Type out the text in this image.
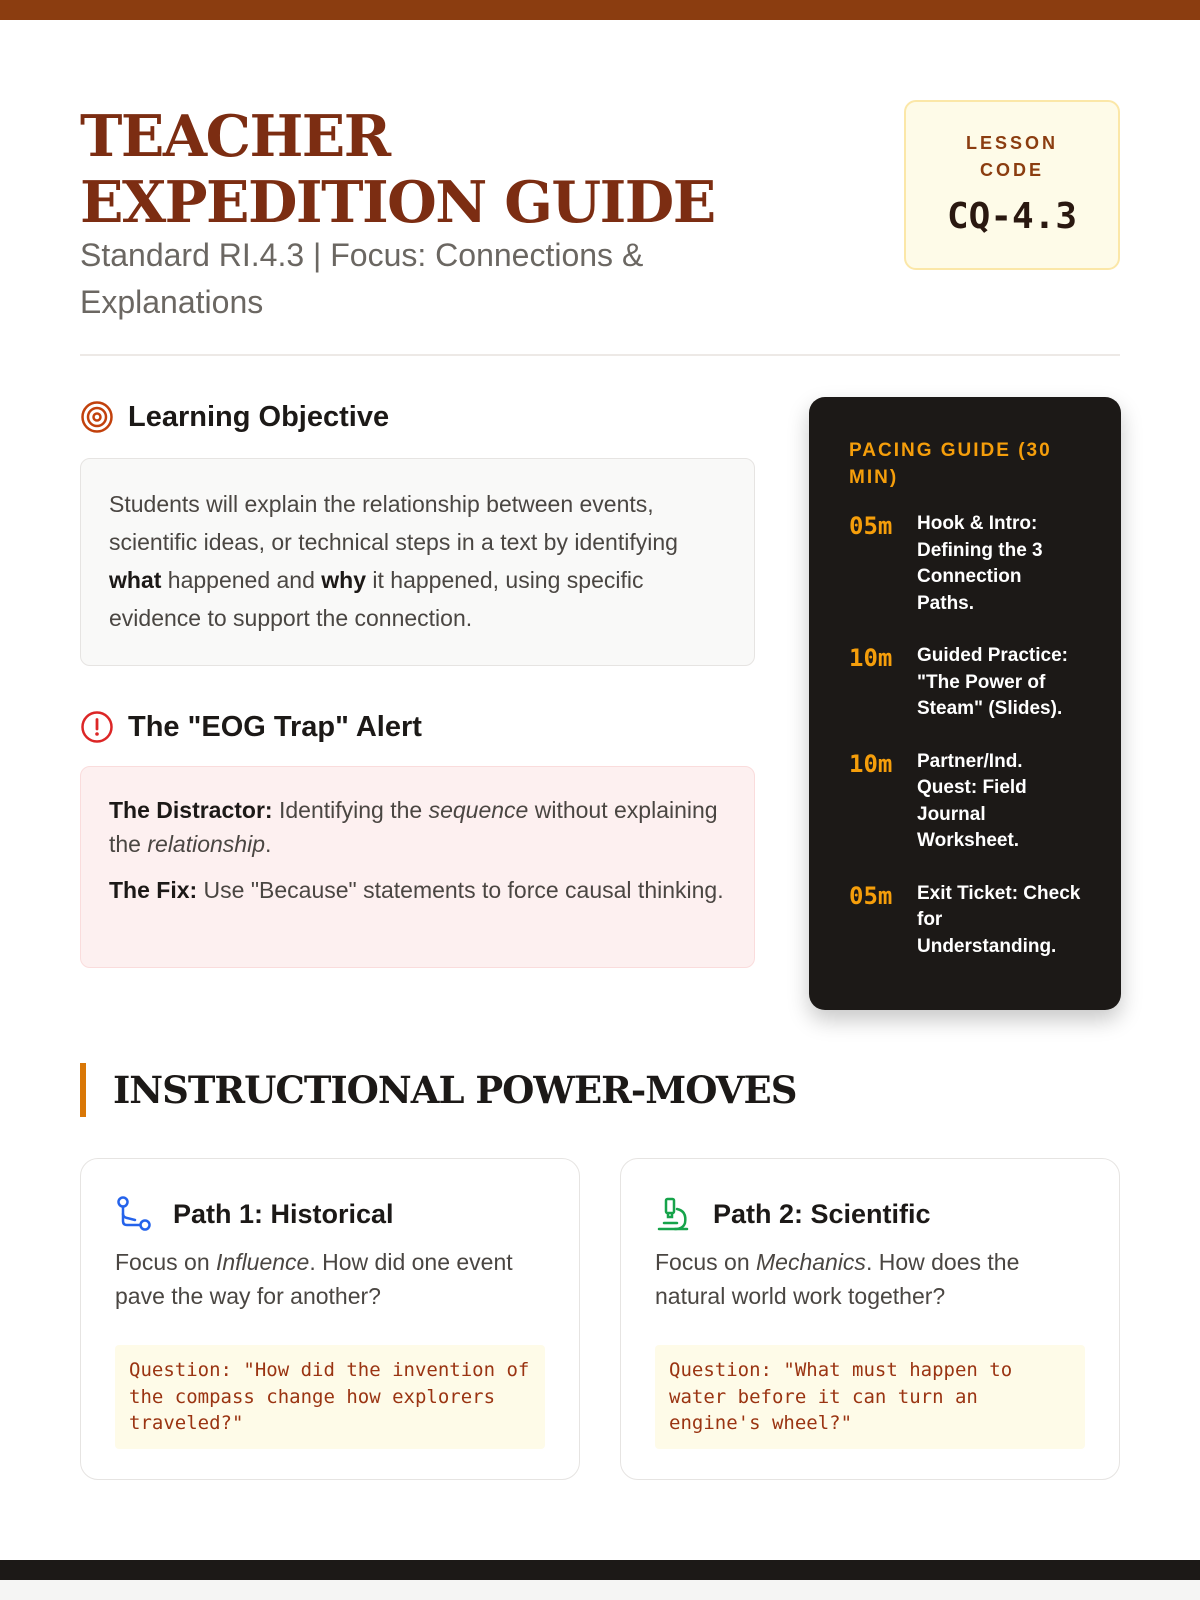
TEACHER EXPEDITION GUIDE
Standard RI.4.3 | Focus: Connections & Explanations
LESSON CODE
CQ-4.3
Learning Objective
Students will explain the relationship between events, scientific ideas, or technical steps in a text by identifying what happened and why it happened, using specific evidence to support the connection.
The "EOG Trap" Alert

The Distractor: Identifying the sequence without explaining the relationship.

The Fix: Use "Because" statements to force causal thinking.

PACING GUIDE (30 MIN)
05m	Hook & Intro: Defining the 3 Connection Paths.
10m	Guided Practice: "The Power of Steam" (Slides).
10m	Partner/Ind. Quest: Field Journal Worksheet.
05m	Exit Ticket: Check for Understanding.
INSTRUCTIONAL POWER-MOVES
Path 1: Historical
Focus on Influence. How did one event pave the way for another?
Question: "How did the invention of the compass change how explorers traveled?"
Path 2: Scientific
Focus on Mechanics. How does the natural world work together?
Question: "What must happen to water before it can turn an engine's wheel?"
